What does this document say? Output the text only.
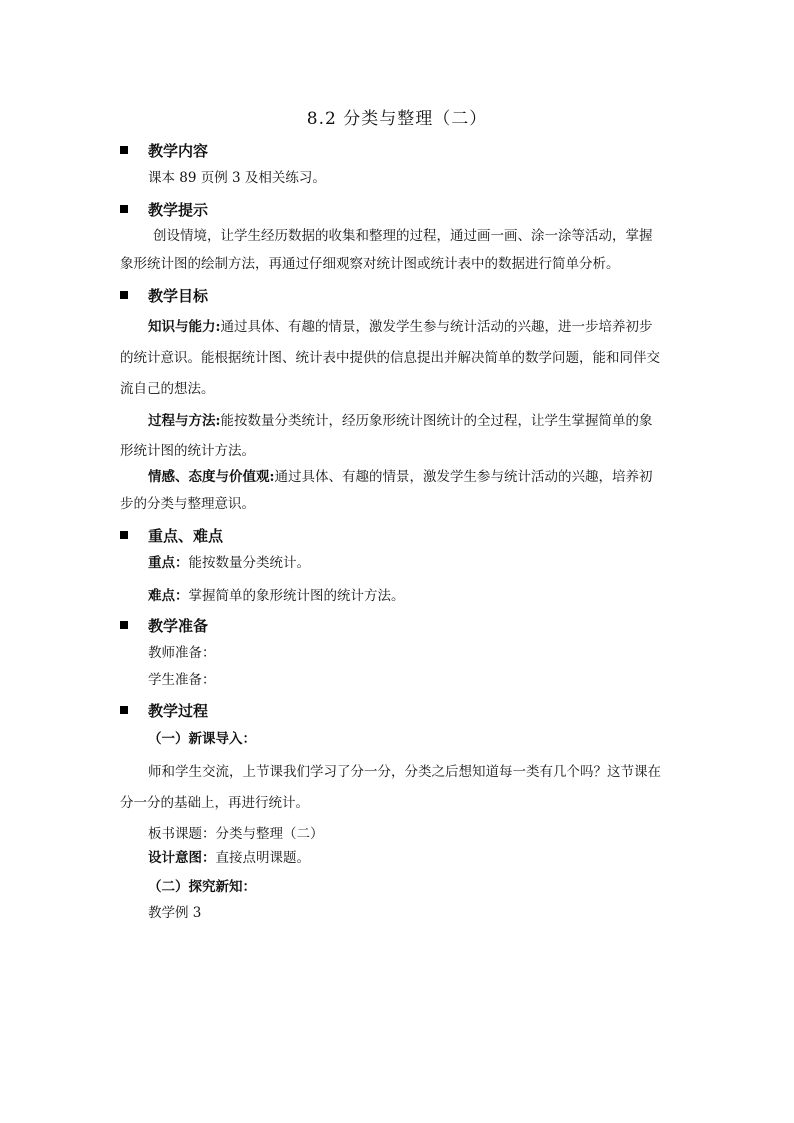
8.2 分类与整理（二）
教学内容
课本 89 页例 3 及相关练习。
教学提示
创设情境，让学生经历数据的收集和整理的过程，通过画一画、涂一涂等活动，掌握
象形统计图的绘制方法，再通过仔细观察对统计图或统计表中的数据进行简单分析。
教学目标
知识与能力:通过具体、有趣的情景，激发学生参与统计活动的兴趣，进一步培养初步
的统计意识。能根据统计图、统计表中提供的信息提出并解决简单的数学问题，能和同伴交
流自己的想法。
过程与方法:能按数量分类统计，经历象形统计图统计的全过程，让学生掌握简单的象
形统计图的统计方法。
情感、态度与价值观:通过具体、有趣的情景，激发学生参与统计活动的兴趣，培养初
步的分类与整理意识。
重点、难点
重点：能按数量分类统计。
难点：掌握简单的象形统计图的统计方法。
教学准备
教师准备：
学生准备：
教学过程
（一）新课导入：
师和学生交流，上节课我们学习了分一分，分类之后想知道每一类有几个吗？这节课在
分一分的基础上，再进行统计。
板书课题：分类与整理（二）
设计意图：直接点明课题。
（二）探究新知：
教学例 3
